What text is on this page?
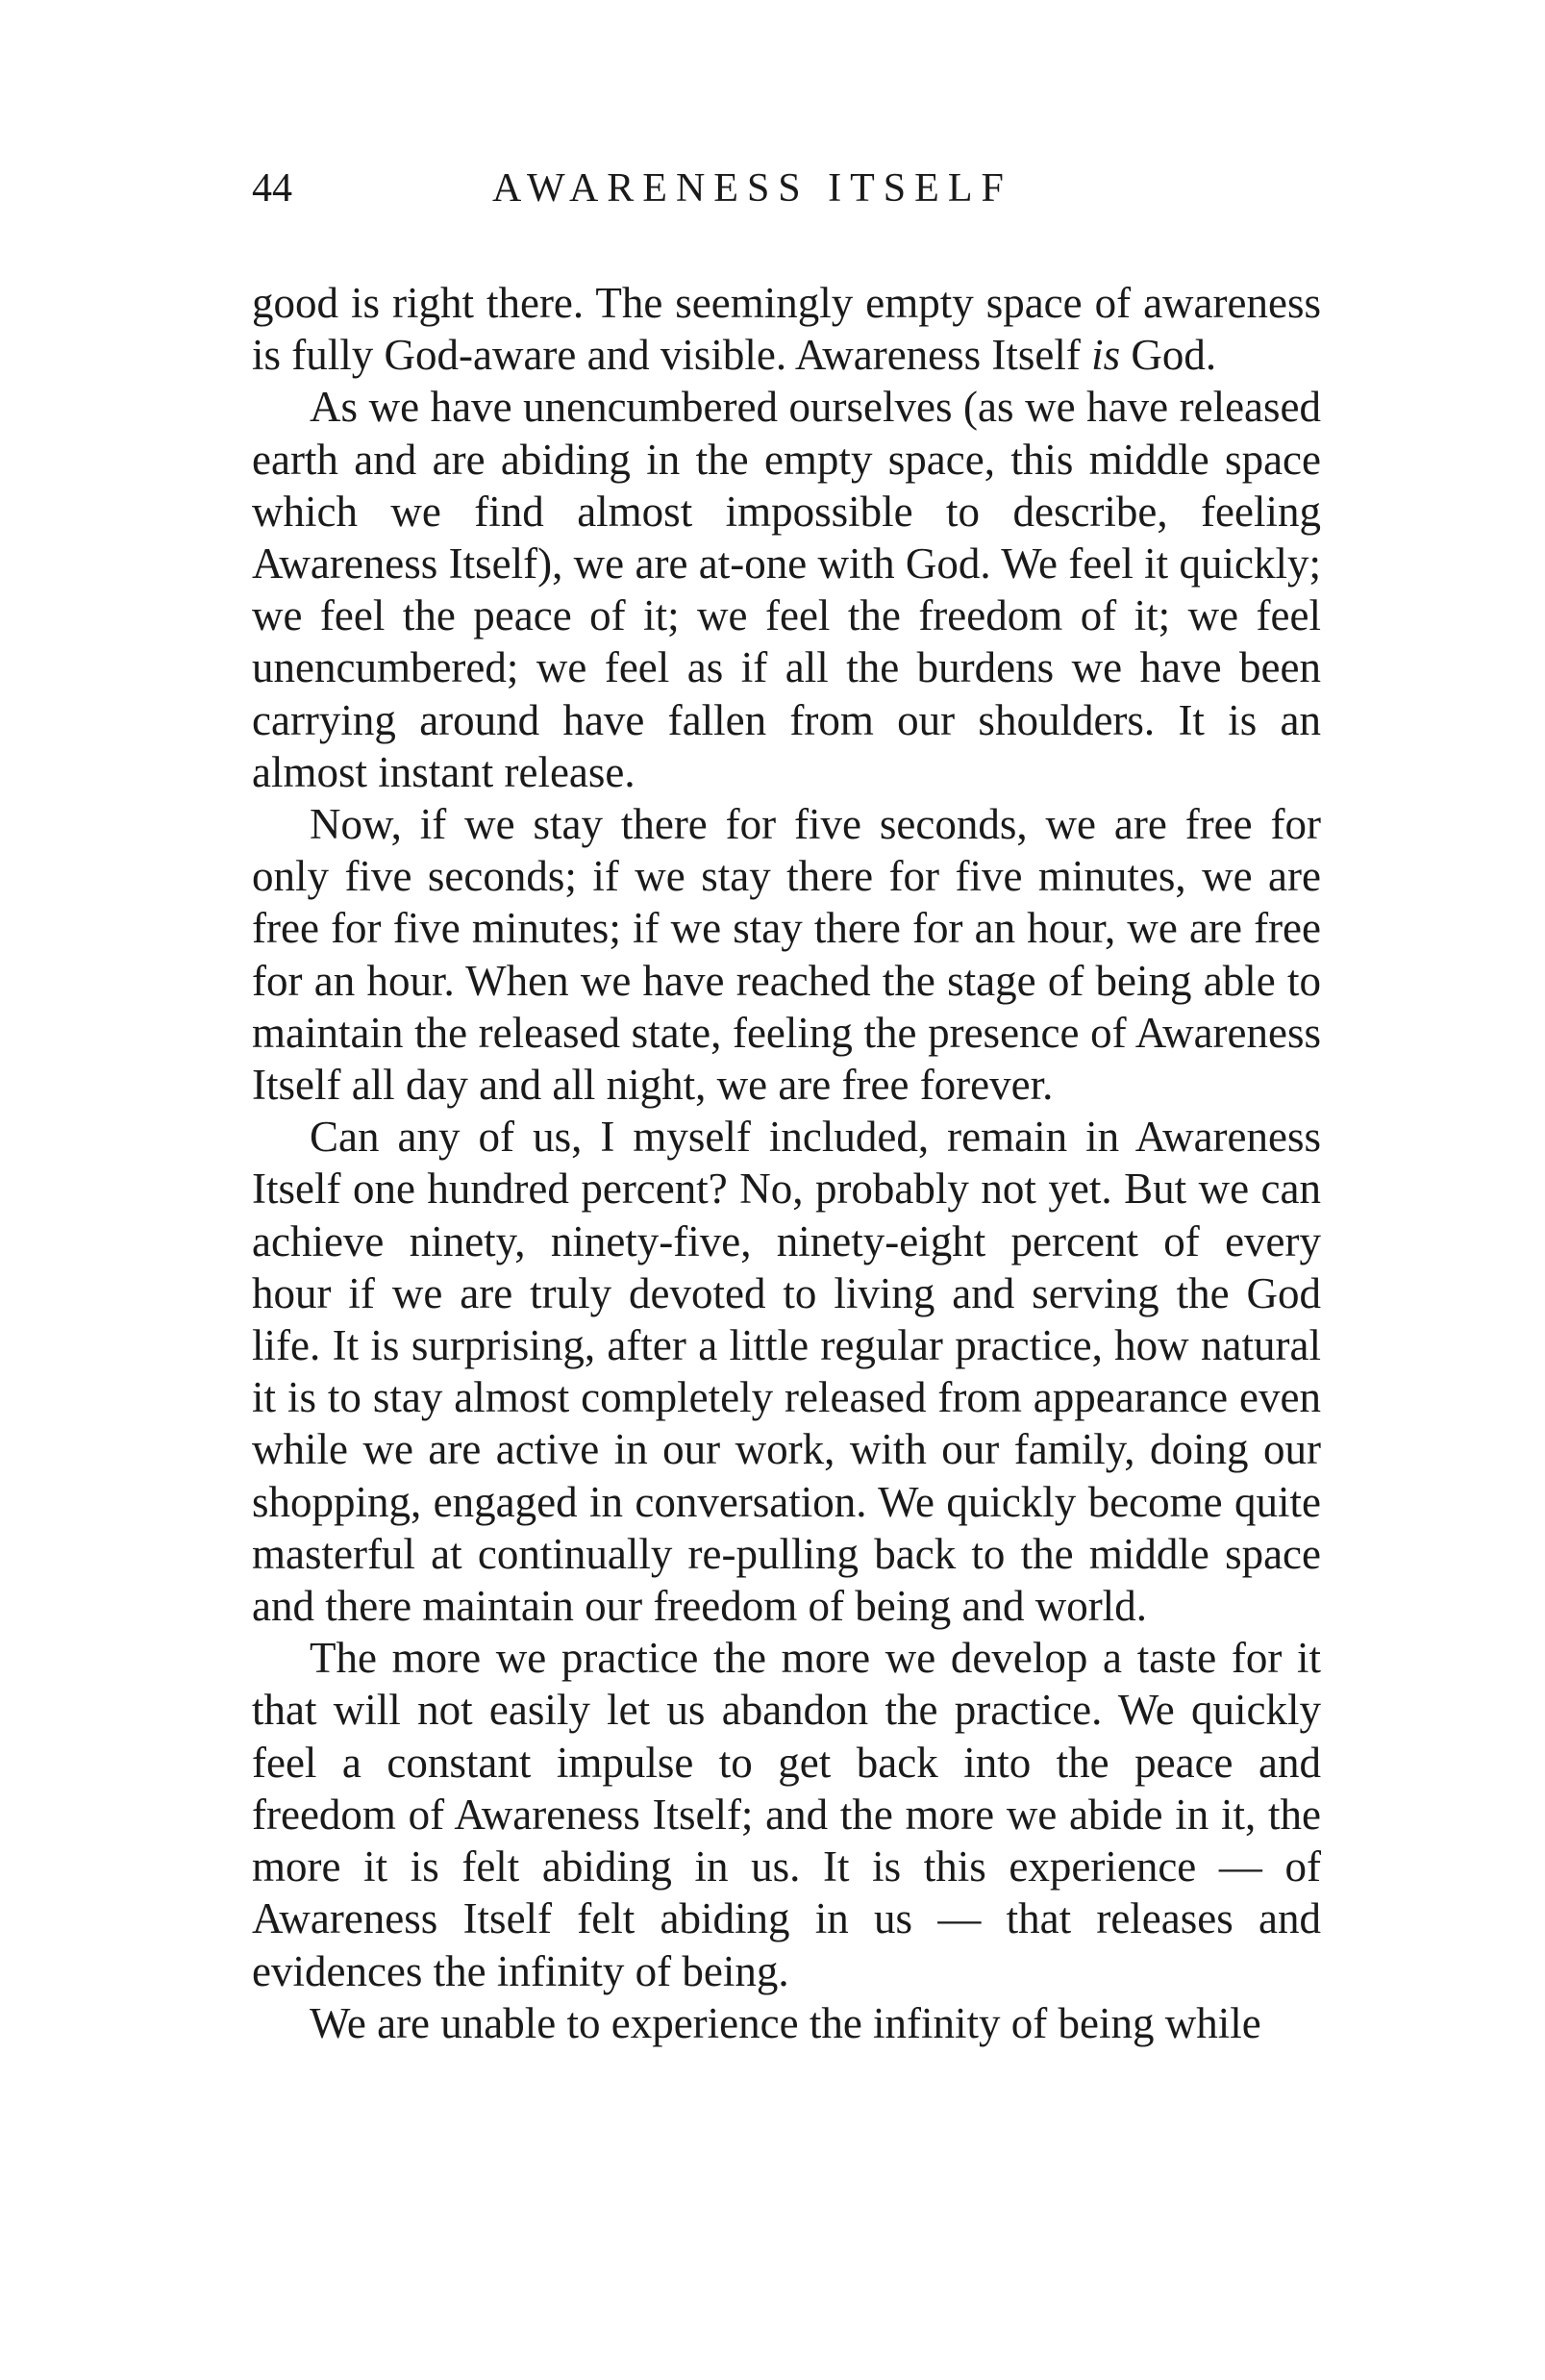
44	AWARENESS ITSELF

good is right there. The seemingly empty space of awareness is fully God-aware and visible. Awareness Itself is God.

As we have unencumbered ourselves (as we have released earth and are abiding in the empty space, this middle space which we find almost impossible to describe, feeling Awareness Itself), we are at-one with God. We feel it quickly; we feel the peace of it; we feel the freedom of it; we feel unencumbered; we feel as if all the burdens we have been carrying around have fallen from our shoulders. It is an almost instant release.

Now, if we stay there for five seconds, we are free for only five seconds; if we stay there for five minutes, we are free for five minutes; if we stay there for an hour, we are free for an hour. When we have reached the stage of being able to maintain the released state, feeling the presence of Awareness Itself all day and all night, we are free forever.

Can any of us, I myself included, remain in Awareness Itself one hundred percent? No, probably not yet. But we can achieve ninety, ninety-five, ninety-eight percent of every hour if we are truly devoted to living and serving the God life. It is surprising, after a little regular practice, how natural it is to stay almost completely released from appearance even while we are active in our work, with our family, doing our shopping, engaged in conversation. We quickly become quite masterful at continually re-pulling back to the middle space and there maintain our freedom of being and world.

The more we practice the more we develop a taste for it that will not easily let us abandon the practice. We quickly feel a constant impulse to get back into the peace and freedom of Awareness Itself; and the more we abide in it, the more it is felt abiding in us. It is this experience — of Awareness Itself felt abiding in us — that releases and evidences the infinity of being.

We are unable to experience the infinity of being while
